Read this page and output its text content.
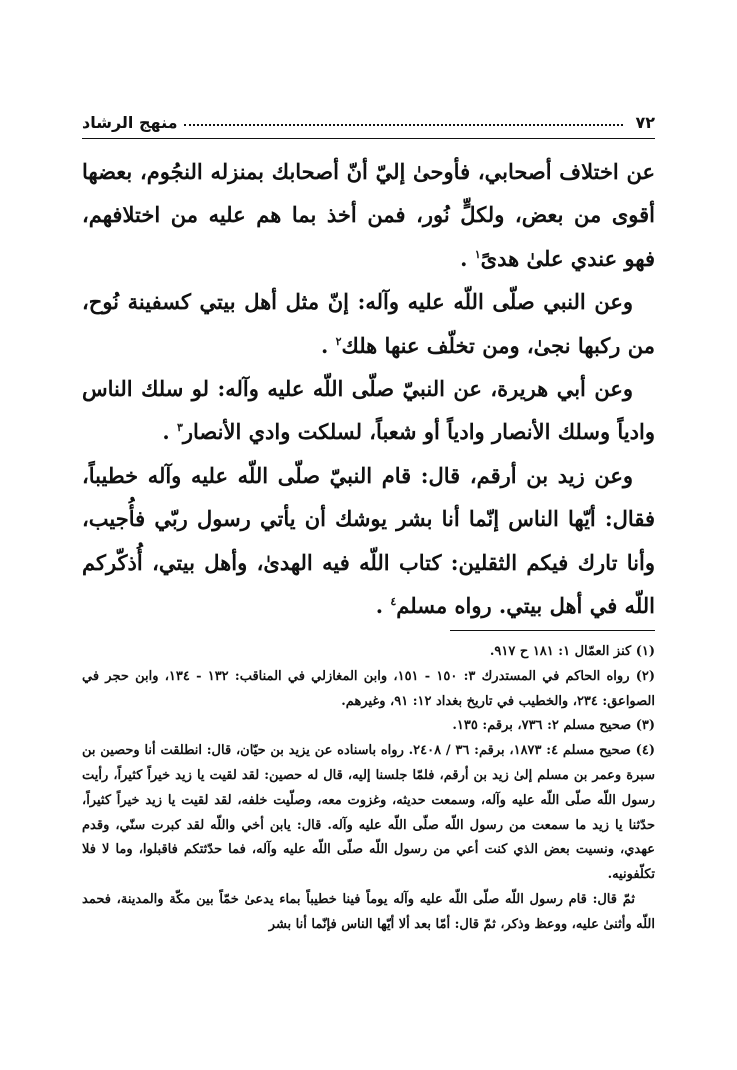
٧٢
منهج الرشاد

عن اختلاف أصحابي، فأوحىٰ إليّ أنّ أصحابك بمنزله النجُوم، بعضها أقوى من بعض، ولكلٍّ نُور، فمن أخذ بما هم عليه من اختلافهم، فهو عندي علىٰ هدىً$^١$ .

وعن النبي صلّى اللّه عليه وآله: إنّ مثل أهل بيتي كسفينة نُوح، من ركبها نجىٰ، ومن تخلّف عنها هلك$^٢$ .

وعن أبي هريرة، عن النبيّ صلّى اللّه عليه وآله: لو سلك الناس وادياً وسلك الأنصار وادياً أو شعباً، لسلكت وادي الأنصار$^٣$ .

وعن زيد بن أرقم، قال: قام النبيّ صلّى اللّه عليه وآله خطيباً، فقال: أيّها الناس إنّما أنا بشر يوشك أن يأتي رسول ربّي فأُجيب، وأنا تارك فيكم الثقلين: كتاب اللّه فيه الهدىٰ، وأهل بيتي، أُذكّركم اللّه في أهل بيتي. رواه مسلم$^٤$ .

(١) كنز العمّال ١: ١٨١ ح ٩١٧.

(٢) رواه الحاكم في المستدرك ٣: ١٥٠ - ١٥١، وابن المغازلي في المناقب: ١٣٢ - ١٣٤، وابن حجر في الصواعق: ٢٣٤، والخطيب في تاريخ بغداد ١٢: ٩١، وغيرهم.

(٣) صحيح مسلم ٢: ٧٣٦، برقم: ١٣٥.

(٤) صحيح مسلم ٤: ١٨٧٣، برقم: ٣٦ / ٢٤٠٨. رواه باسناده عن يزيد بن حيّان، قال: انطلقت أنا وحصين بن سبرة وعمر بن مسلم إلىٰ زيد بن أرقم، فلمّا جلسنا إليه، قال له حصين: لقد لقيت يا زيد خيراً كثيراً، رأيت رسول اللّه صلّى اللّه عليه وآله، وسمعت حديثه، وغزوت معه، وصلّيت خلفه، لقد لقيت يا زيد خيراً كثيراً، حدّثنا يا زيد ما سمعت من رسول اللّه صلّى اللّه عليه وآله. قال: يابن أخي واللّه لقد كبرت سنّي، وقدم عهدي، ونسيت بعض الذي كنت أعي من رسول اللّه صلّى اللّه عليه وآله، فما حدّثتكم فاقبلوا، وما لا فلا تكلّفونيه.

ثمّ قال: قام رسول اللّه صلّى اللّه عليه وآله يوماً فينا خطيباً بماء يدعىٰ خمّاً بين مكّة والمدينة، فحمد اللّه وأثنىٰ عليه، ووعظ وذكر، ثمّ قال: أمّا بعد ألا أيّها الناس فإنّما أنا بشر
